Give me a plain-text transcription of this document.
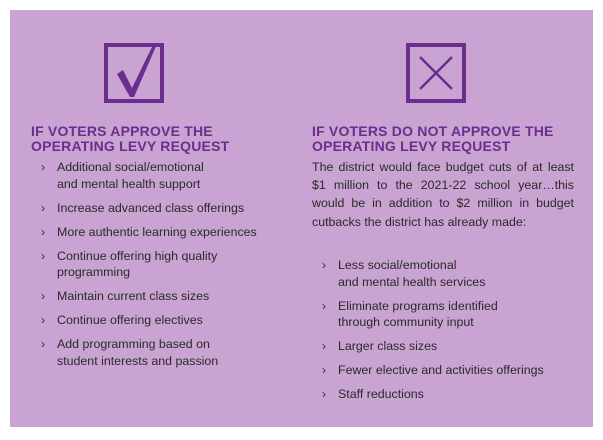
IF VOTERS APPROVE THE
OPERATING LEVY REQUEST
› Additional social/emotional
and mental health support
› Increase advanced class offerings
› More authentic learning experiences
› Continue offering high quality
programming
› Maintain current class sizes
› Continue offering electives
› Add programming based on
student interests and passion
IF VOTERS DO NOT APPROVE THE
OPERATING LEVY REQUEST

The district would face budget cuts of at least $1 million to the 2021-22 school year…this would be in addition to $2 million in budget cutbacks the district has already made:

› Less social/emotional
and mental health services
› Eliminate programs identified
through community input
› Larger class sizes
› Fewer elective and activities offerings
› Staff reductions
